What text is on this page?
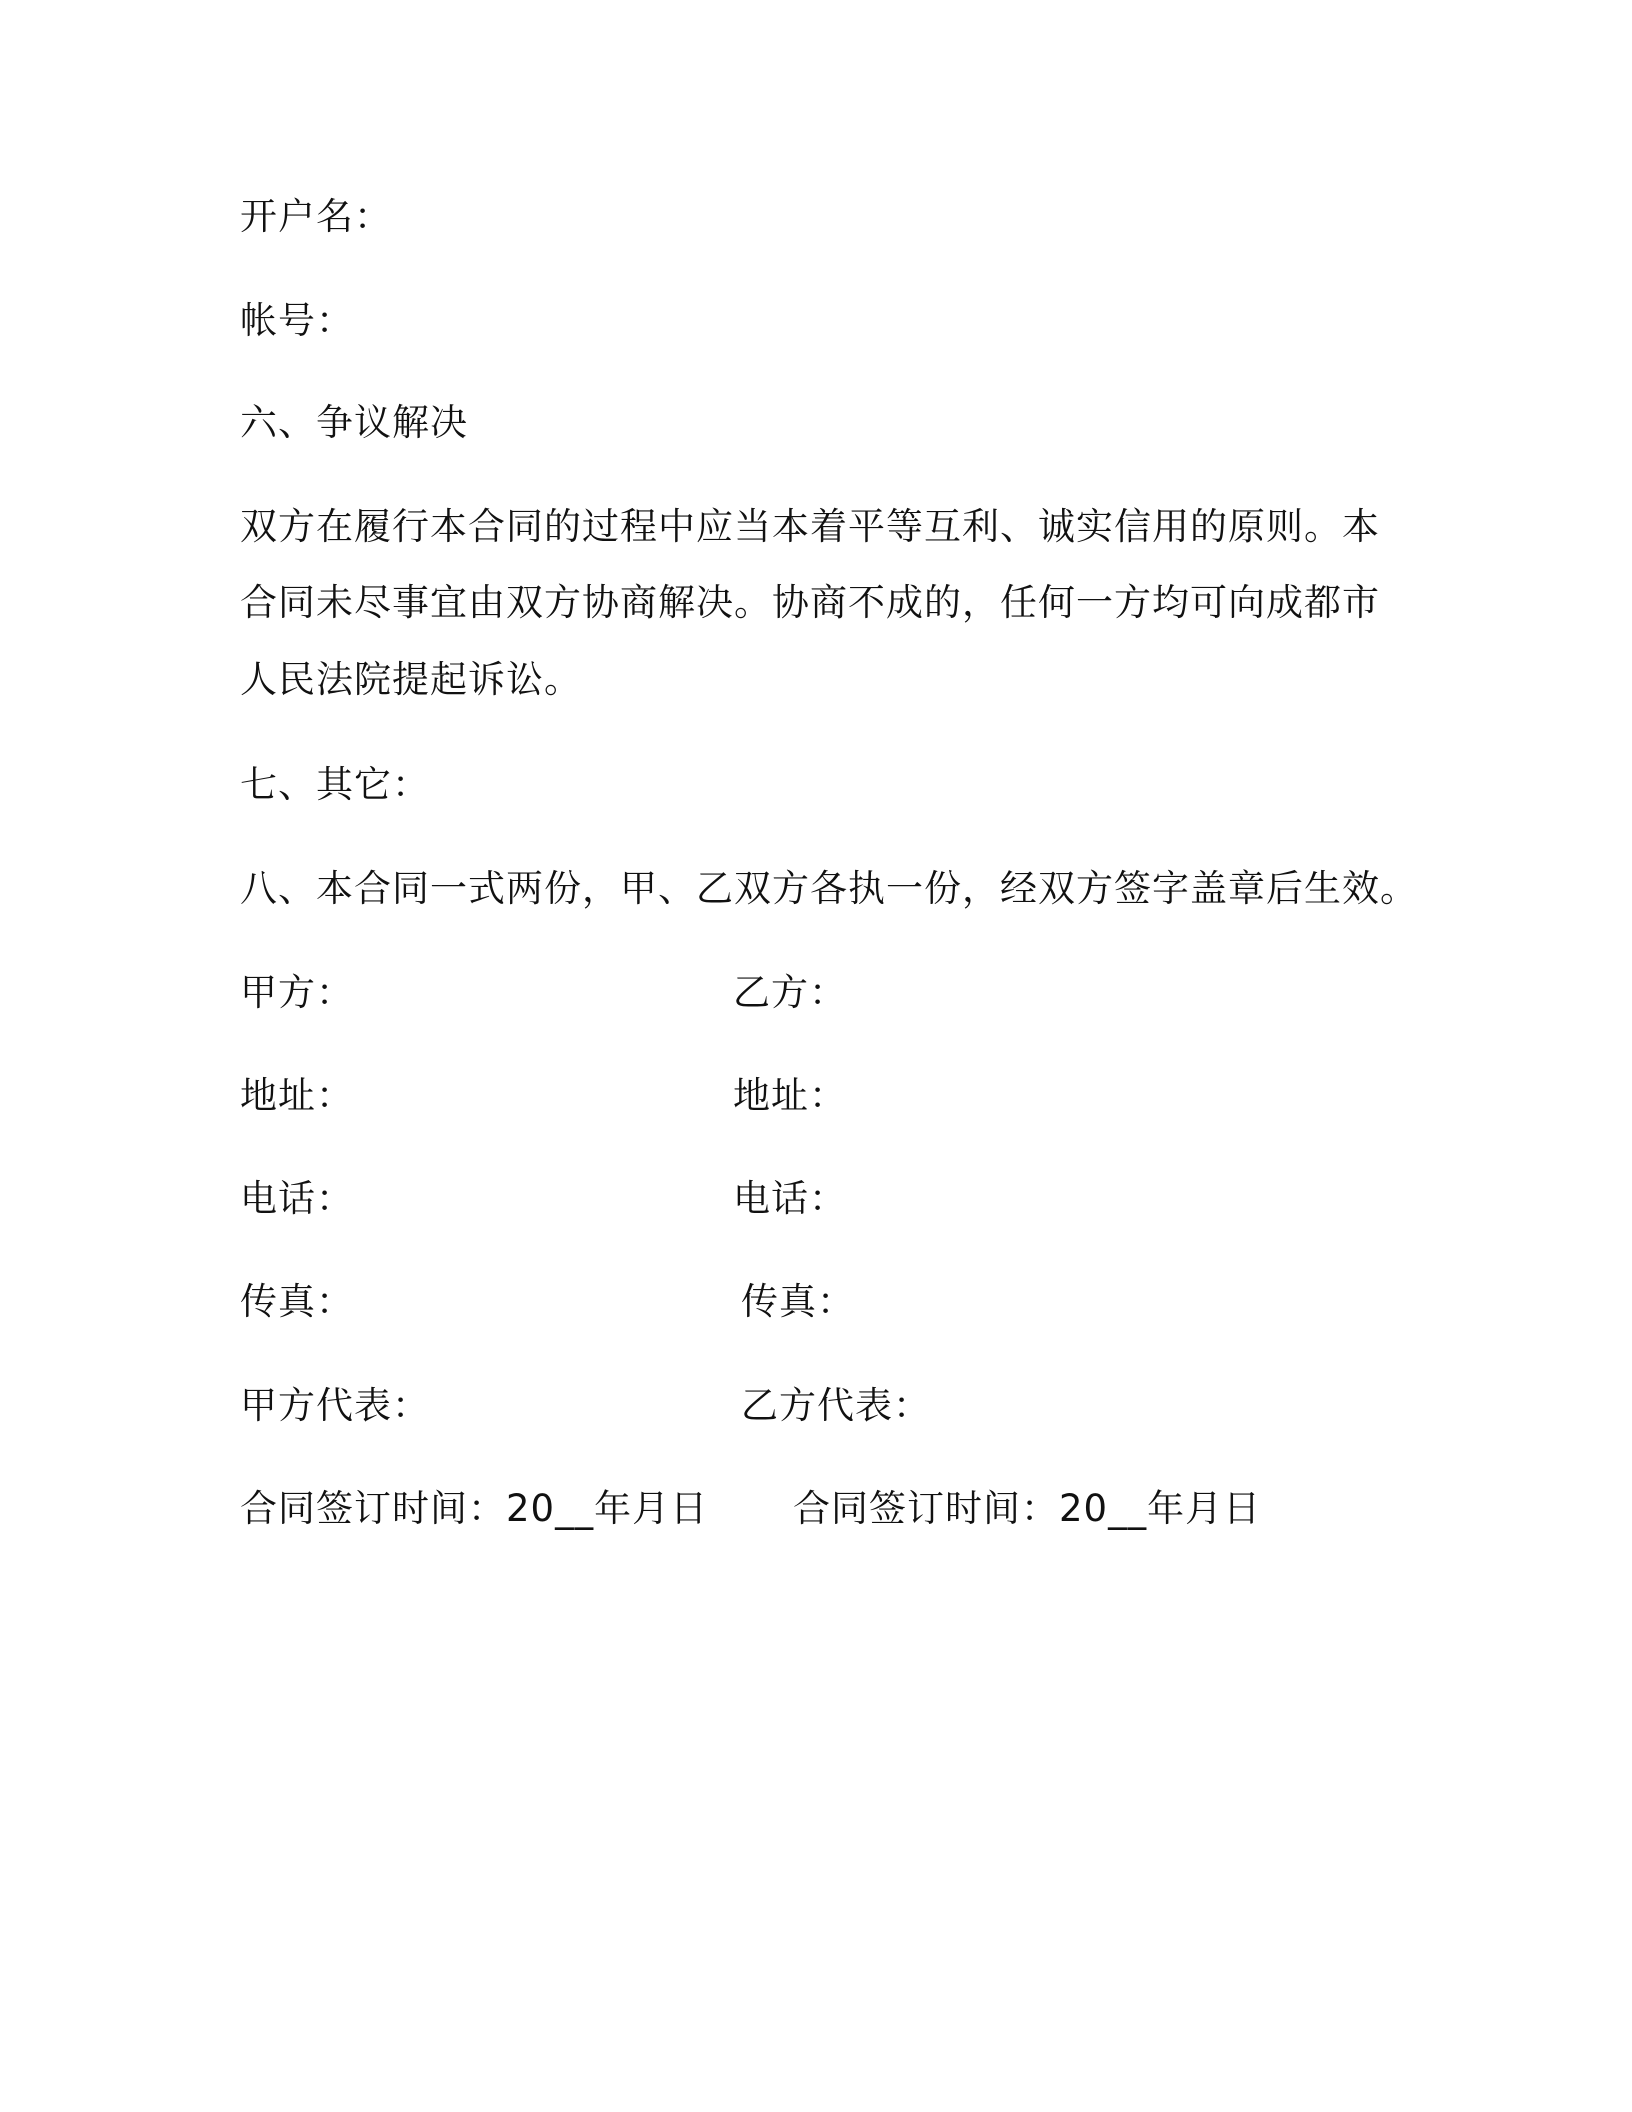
开户名：
帐号：
六、争议解决
双方在履行本合同的过程中应当本着平等互利、诚实信用的原则。本
合同未尽事宜由双方协商解决。协商不成的，任何一方均可向成都市
人民法院提起诉讼。
七、其它：
八、本合同一式两份，甲、乙双方各执一份，经双方签字盖章后生效。
甲方：	乙方：
地址：	地址：
电话：	电话：
传真：	传真：
甲方代表：	乙方代表：
合同签订时间：20__年月日 合同签订时间：20__年月日
